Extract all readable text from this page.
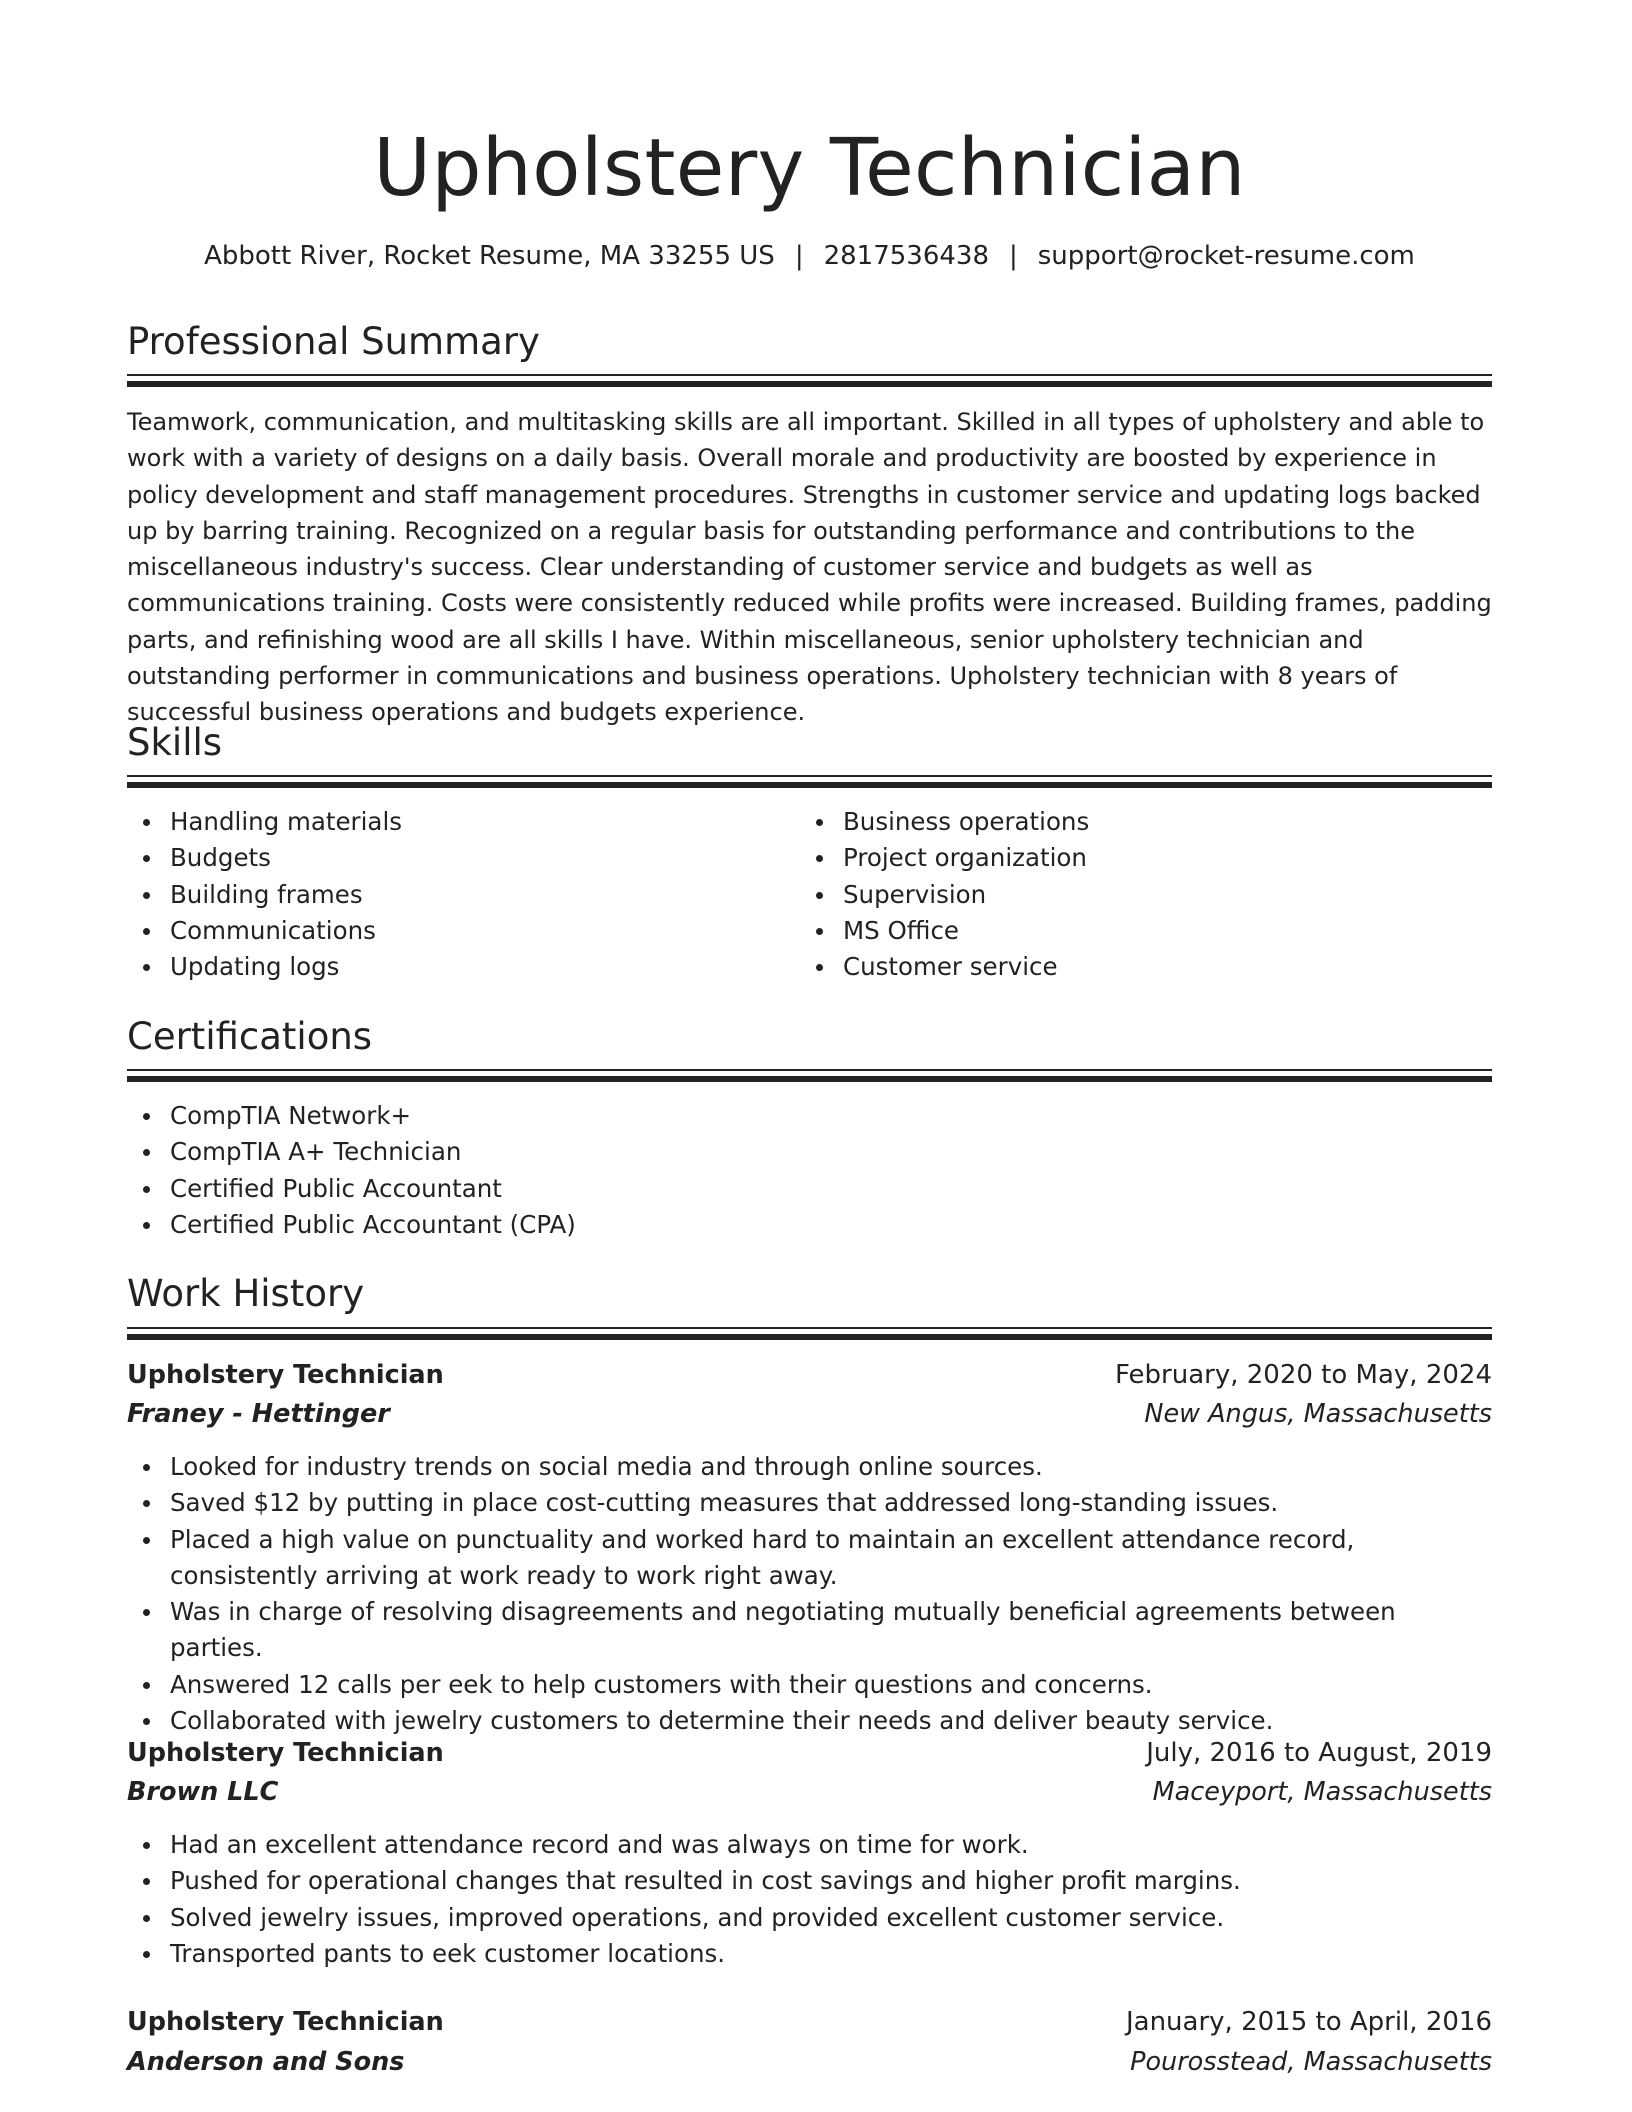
Upholstery Technician
Abbott River, Rocket Resume, MA 33255 US | 2817536438 | support@rocket-resume.com
Professional Summary

Teamwork, communication, and multitasking skills are all important. Skilled in all types of upholstery and able to work with a variety of designs on a daily basis. Overall morale and productivity are boosted by experience in policy development and staff management procedures. Strengths in customer service and updating logs backed up by barring training. Recognized on a regular basis for outstanding performance and contributions to the miscellaneous industry's success. Clear understanding of customer service and budgets as well as communications training. Costs were consistently reduced while profits were increased. Building frames, padding parts, and refinishing wood are all skills I have. Within miscellaneous, senior upholstery technician and outstanding performer in communications and business operations. Upholstery technician with 8 years of successful business operations and budgets experience.

Skills
Handling materials
Budgets
Building frames
Communications
Updating logs
Business operations
Project organization
Supervision
MS Office
Customer service
Certifications
CompTIA Network+
CompTIA A+ Technician
Certified Public Accountant
Certified Public Accountant (CPA)
Work History
Upholstery Technician	February, 2020 to May, 2024
Franey - Hettinger	New Angus, Massachusetts
Looked for industry trends on social media and through online sources.
Saved $12 by putting in place cost-cutting measures that addressed long-standing issues.
Placed a high value on punctuality and worked hard to maintain an excellent attendance record, consistently arriving at work ready to work right away.
Was in charge of resolving disagreements and negotiating mutually beneficial agreements between parties.
Answered 12 calls per eek to help customers with their questions and concerns.
Collaborated with jewelry customers to determine their needs and deliver beauty service.
Upholstery Technician	July, 2016 to August, 2019
Brown LLC	Maceyport, Massachusetts
Had an excellent attendance record and was always on time for work.
Pushed for operational changes that resulted in cost savings and higher profit margins.
Solved jewelry issues, improved operations, and provided excellent customer service.
Transported pants to eek customer locations.
Upholstery Technician	January, 2015 to April, 2016
Anderson and Sons	Pourosstead, Massachusetts
